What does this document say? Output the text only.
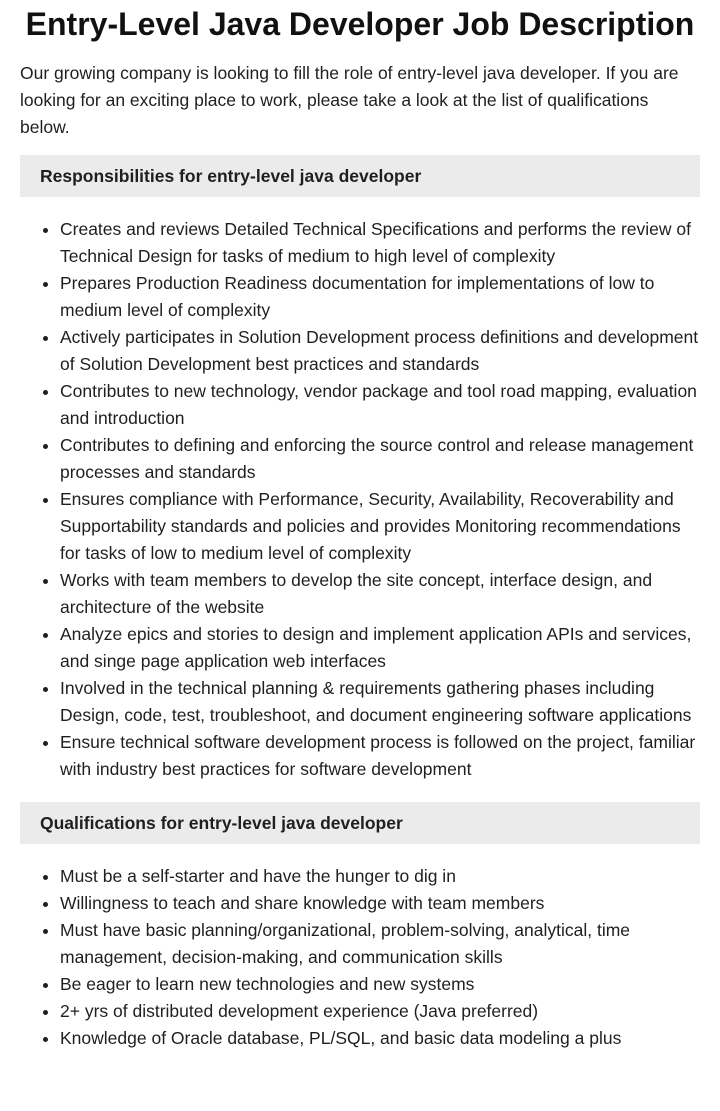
Entry-Level Java Developer Job Description

Our growing company is looking to fill the role of entry-level java developer. If you are looking for an exciting place to work, please take a look at the list of qualifications below.

Responsibilities for entry-level java developer
• Creates and reviews Detailed Technical Specifications and performs the review of Technical Design for tasks of medium to high level of complexity
• Prepares Production Readiness documentation for implementations of low to medium level of complexity
• Actively participates in Solution Development process definitions and development of Solution Development best practices and standards
• Contributes to new technology, vendor package and tool road mapping, evaluation and introduction
• Contributes to defining and enforcing the source control and release management processes and standards
• Ensures compliance with Performance, Security, Availability, Recoverability and Supportability standards and policies and provides Monitoring recommendations for tasks of low to medium level of complexity
• Works with team members to develop the site concept, interface design, and architecture of the website
• Analyze epics and stories to design and implement application APIs and services, and singe page application web interfaces
• Involved in the technical planning & requirements gathering phases including Design, code, test, troubleshoot, and document engineering software applications
• Ensure technical software development process is followed on the project, familiar with industry best practices for software development
Qualifications for entry-level java developer
• Must be a self-starter and have the hunger to dig in
• Willingness to teach and share knowledge with team members
• Must have basic planning/organizational, problem-solving, analytical, time management, decision-making, and communication skills
• Be eager to learn new technologies and new systems
• 2+ yrs of distributed development experience (Java preferred)
• Knowledge of Oracle database, PL/SQL, and basic data modeling a plus
